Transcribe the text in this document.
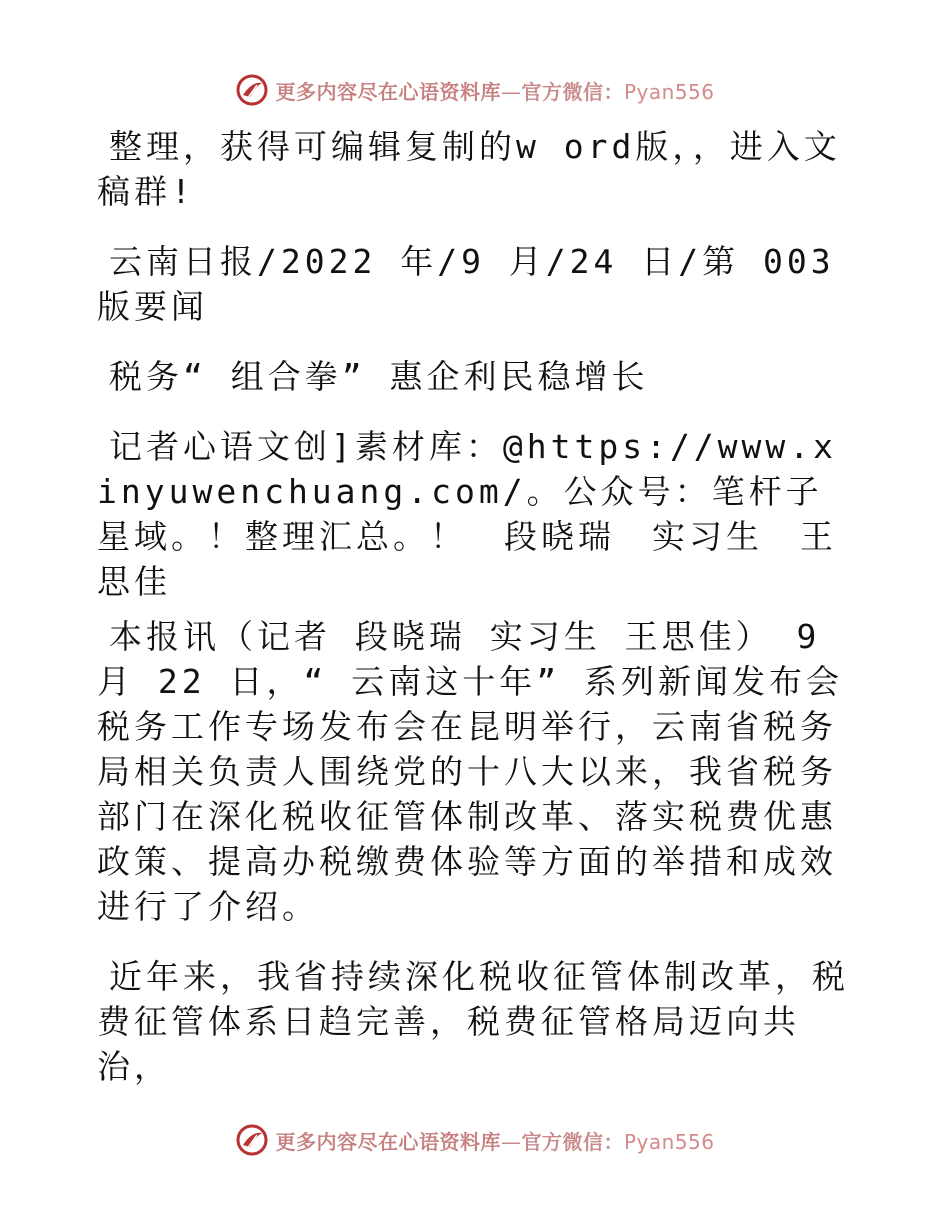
更多内容尽在心语资料库—官方微信：Pyan556

整理，获得可编辑复制的w ord版，，进入文稿群!

云南日报/2022 年/9 月/24 日/第 003 版要闻

税务“ 组合拳” 惠企利民稳增长

记者心语文创]素材库：@https://www.xinyuwenchuang.com/。公众号：笔杆子星域。！整理汇总。！　段晓瑞　实习生　王思佳

本报讯（记者 段晓瑞 实习生 王思佳） 9 月 22 日，“ 云南这十年” 系列新闻发布会税务工作专场发布会在昆明举行，云南省税务局相关负责人围绕党的十八大以来，我省税务部门在深化税收征管体制改革、落实税费优惠政策、提高办税缴费体验等方面的举措和成效进行了介绍。

近年来，我省持续深化税收征管体制改革，税费征管体系日趋完善，税费征管格局迈向共治，

更多内容尽在心语资料库—官方微信：Pyan556
